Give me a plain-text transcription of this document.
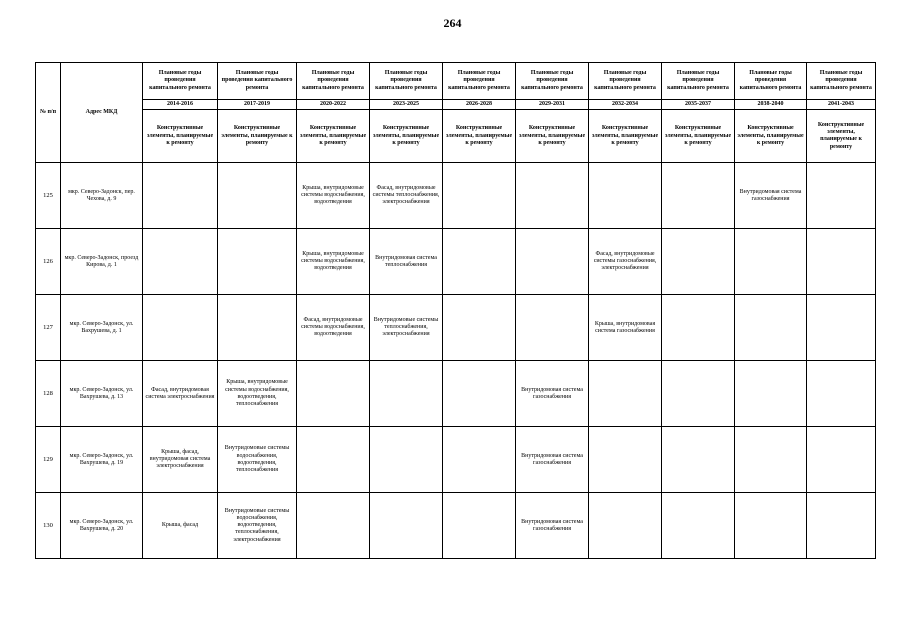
264
№ п/п	Адрес МКД	Плановые годы проведения капитального ремонта	Плановые годы проведения капитального ремонта	Плановые годы проведения капитального ремонта	Плановые годы проведения капитального ремонта	Плановые годы проведения капитального ремонта	Плановые годы проведения капитального ремонта	Плановые годы проведения капитального ремонта	Плановые годы проведения капитального ремонта	Плановые годы проведения капитального ремонта	Плановые годы проведения капитального ремонта
		2014-2016	2017-2019	2020-2022	2023-2025	2026-2028	2029-2031	2032-2034	2035-2037	2038-2040	2041-2043
		Конструктивные элементы, планируемые к ремонту	Конструктивные элементы, планируемые к ремонту	Конструктивные элементы, планируемые к ремонту	Конструктивные элементы, планируемые к ремонту	Конструктивные элементы, планируемые к ремонту	Конструктивные элементы, планируемые к ремонту	Конструктивные элементы, планируемые к ремонту	Конструктивные элементы, планируемые к ремонту	Конструктивные элементы, планируемые к ремонту	Конструктивные элементы, планируемые к ремонту
125	мкр. Северо-Задонск, пер. Чехова, д. 9			Крыша, внутридомовые системы водоснабжения, водоотведения	Фасад, внутридомовые системы теплоснабжения, электроснабжения					Внутридомовая система газоснабжения	
126	мкр. Северо-Задонск, проезд Кирова, д. 1			Крыша, внутридомовые системы водоснабжения, водоотведения	Внутридомовая система теплоснабжения			Фасад, внутридомовые системы газоснабжения, электроснабжения			
127	мкр. Северо-Задонск, ул. Вахрушева, д. 1			Фасад, внутридомовые системы водоснабжения, водоотведения	Внутридомовые системы теплоснабжения, электроснабжения			Крыша, внутридомовая система газоснабжения			
128	мкр. Северо-Задонск, ул. Вахрушева, д. 13	Фасад, внутридомовая система электроснабжения	Крыша, внутридомовые системы водоснабжения, водоотведения, теплоснабжения				Внутридомовая система газоснабжения				
129	мкр. Северо-Задонск, ул. Вахрушева, д. 19	Крыша, фасад, внутридомовая система электроснабжения	Внутридомовые системы водоснабжения, водоотведения, теплоснабжения				Внутридомовая система газоснабжения				
130	мкр. Северо-Задонск, ул. Вахрушева, д. 20	Крыша, фасад	Внутридомовые системы водоснабжения, водоотведения, теплоснабжения, электроснабжения				Внутридомовая система газоснабжения				
